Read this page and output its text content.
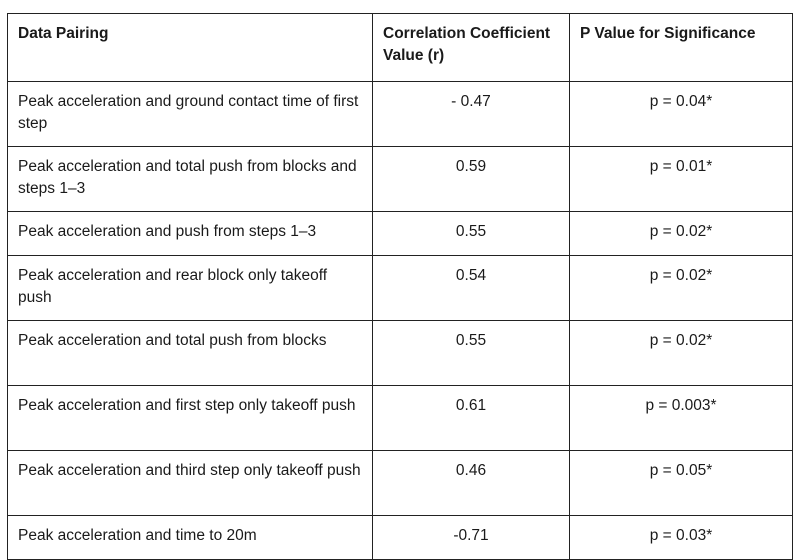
Data Pairing	Correlation Coefficient Value (r)	P Value for Significance
Peak acceleration and ground contact time of first step	- 0.47	p = 0.04*
Peak acceleration and total push from blocks and steps 1–3	0.59	p = 0.01*
Peak acceleration and push from steps 1–3	0.55	p = 0.02*
Peak acceleration and rear block only takeoff push	0.54	p = 0.02*
Peak acceleration and total push from blocks	0.55	p = 0.02*
Peak acceleration and first step only takeoff push	0.61	p = 0.003*
Peak acceleration and third step only takeoff push	0.46	p = 0.05*
Peak acceleration and time to 20m	-0.71	p = 0.03*
